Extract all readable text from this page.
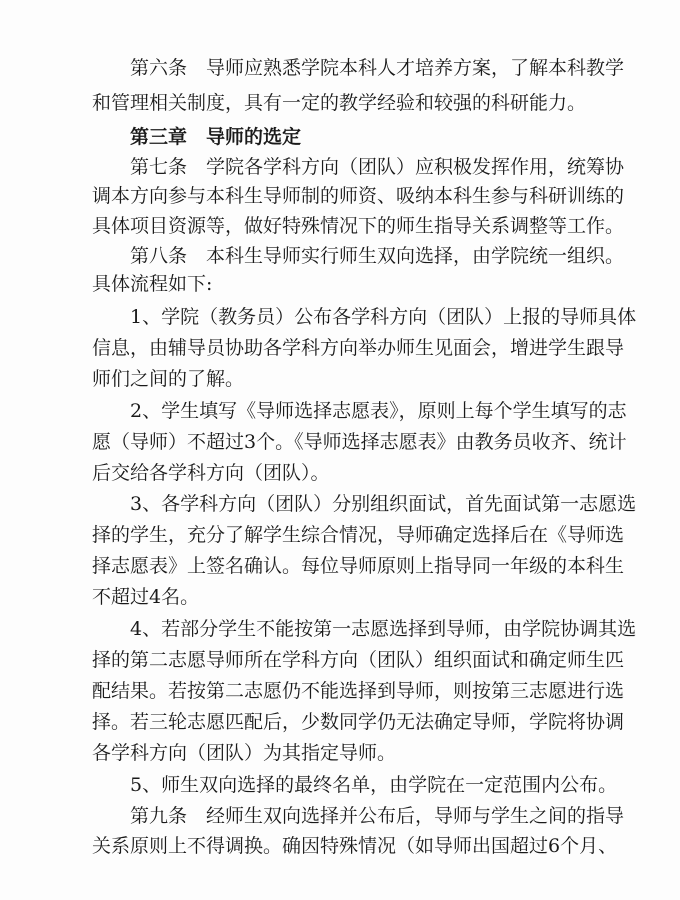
第六条　导师应熟悉学院本科人才培养方案，了解本科教学
和管理相关制度，具有一定的教学经验和较强的科研能力。
第三章　导师的选定
第七条　学院各学科方向（团队）应积极发挥作用，统筹协
调本方向参与本科生导师制的师资、吸纳本科生参与科研训练的
具体项目资源等，做好特殊情况下的师生指导关系调整等工作。
第八条　本科生导师实行师生双向选择，由学院统一组织。
具体流程如下:
1、学院（教务员）公布各学科方向（团队）上报的导师具体
信息，由辅导员协助各学科方向举办师生见面会，增进学生跟导
师们之间的了解。
2、学生填写《导师选择志愿表》，原则上每个学生填写的志
愿（导师）不超过3个。《导师选择志愿表》由教务员收齐、统计
后交给各学科方向（团队）。
3、各学科方向（团队）分别组织面试，首先面试第一志愿选
择的学生，充分了解学生综合情况，导师确定选择后在《导师选
择志愿表》上签名确认。每位导师原则上指导同一年级的本科生
不超过4名。
4、若部分学生不能按第一志愿选择到导师，由学院协调其选
择的第二志愿导师所在学科方向（团队）组织面试和确定师生匹
配结果。若按第二志愿仍不能选择到导师，则按第三志愿进行选
择。若三轮志愿匹配后，少数同学仍无法确定导师，学院将协调
各学科方向（团队）为其指定导师。
5、师生双向选择的最终名单，由学院在一定范围内公布。
第九条　经师生双向选择并公布后，导师与学生之间的指导
关系原则上不得调换。确因特殊情况（如导师出国超过6个月、
